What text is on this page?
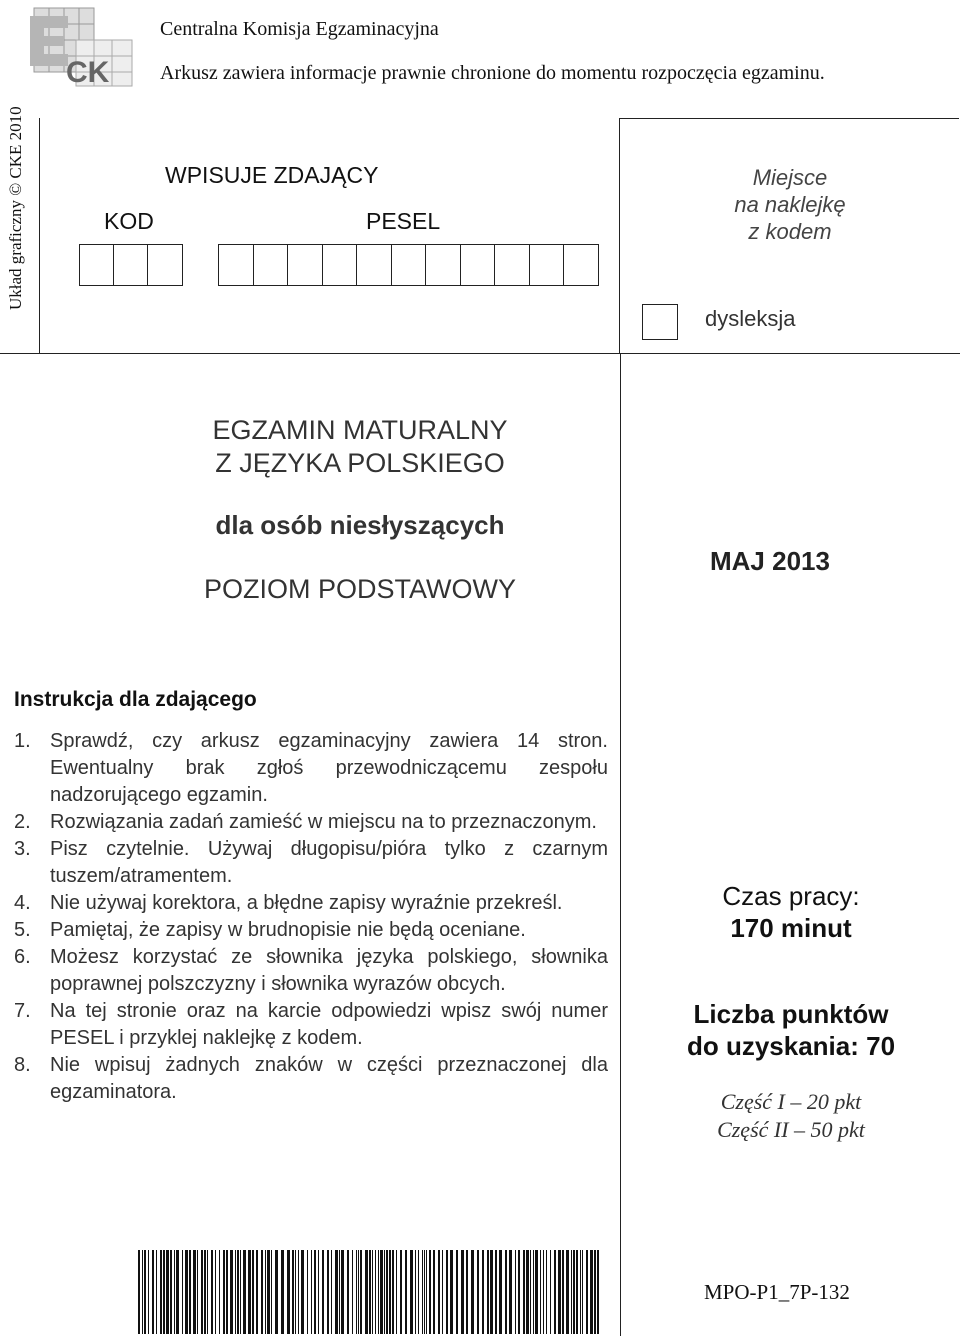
CK
Centralna Komisja Egzaminacyjna
Arkusz zawiera informacje prawnie chronione do momentu rozpoczęcia egzaminu.
Układ graficzny © CKE 2010	WPISUJE ZDAJĄCY
KOD	PESEL
Miejsce
na naklejkę
z kodem
dysleksja
EGZAMIN MATURALNY
Z JĘZYKA POLSKIEGO
dla osób niesłyszących
POZIOM PODSTAWOWY
MAJ 2013
Instrukcja dla zdającego
1. Sprawdź, czy arkusz egzaminacyjny zawiera 14 stron. Ewentualny brak zgłoś przewodniczącemu zespołu nadzorującego egzamin.
2. Rozwiązania zadań zamieść w miejscu na to przeznaczonym.
3. Pisz czytelnie. Używaj długopisu/pióra tylko z czarnym tuszem/atramentem.
4. Nie używaj korektora, a błędne zapisy wyraźnie przekreśl.
5. Pamiętaj, że zapisy w brudnopisie nie będą oceniane.
6. Możesz korzystać ze słownika języka polskiego, słownika poprawnej polszczyzny i słownika wyrazów obcych.
7. Na tej stronie oraz na karcie odpowiedzi wpisz swój numer PESEL i przyklej naklejkę z kodem.
8. Nie wpisuj żadnych znaków w części przeznaczonej dla egzaminatora.
Czas pracy:
170 minut
Liczba punktów
do uzyskania: 70
Część I – 20 pkt
Część II – 50 pkt
MPO-P1_7P-132
